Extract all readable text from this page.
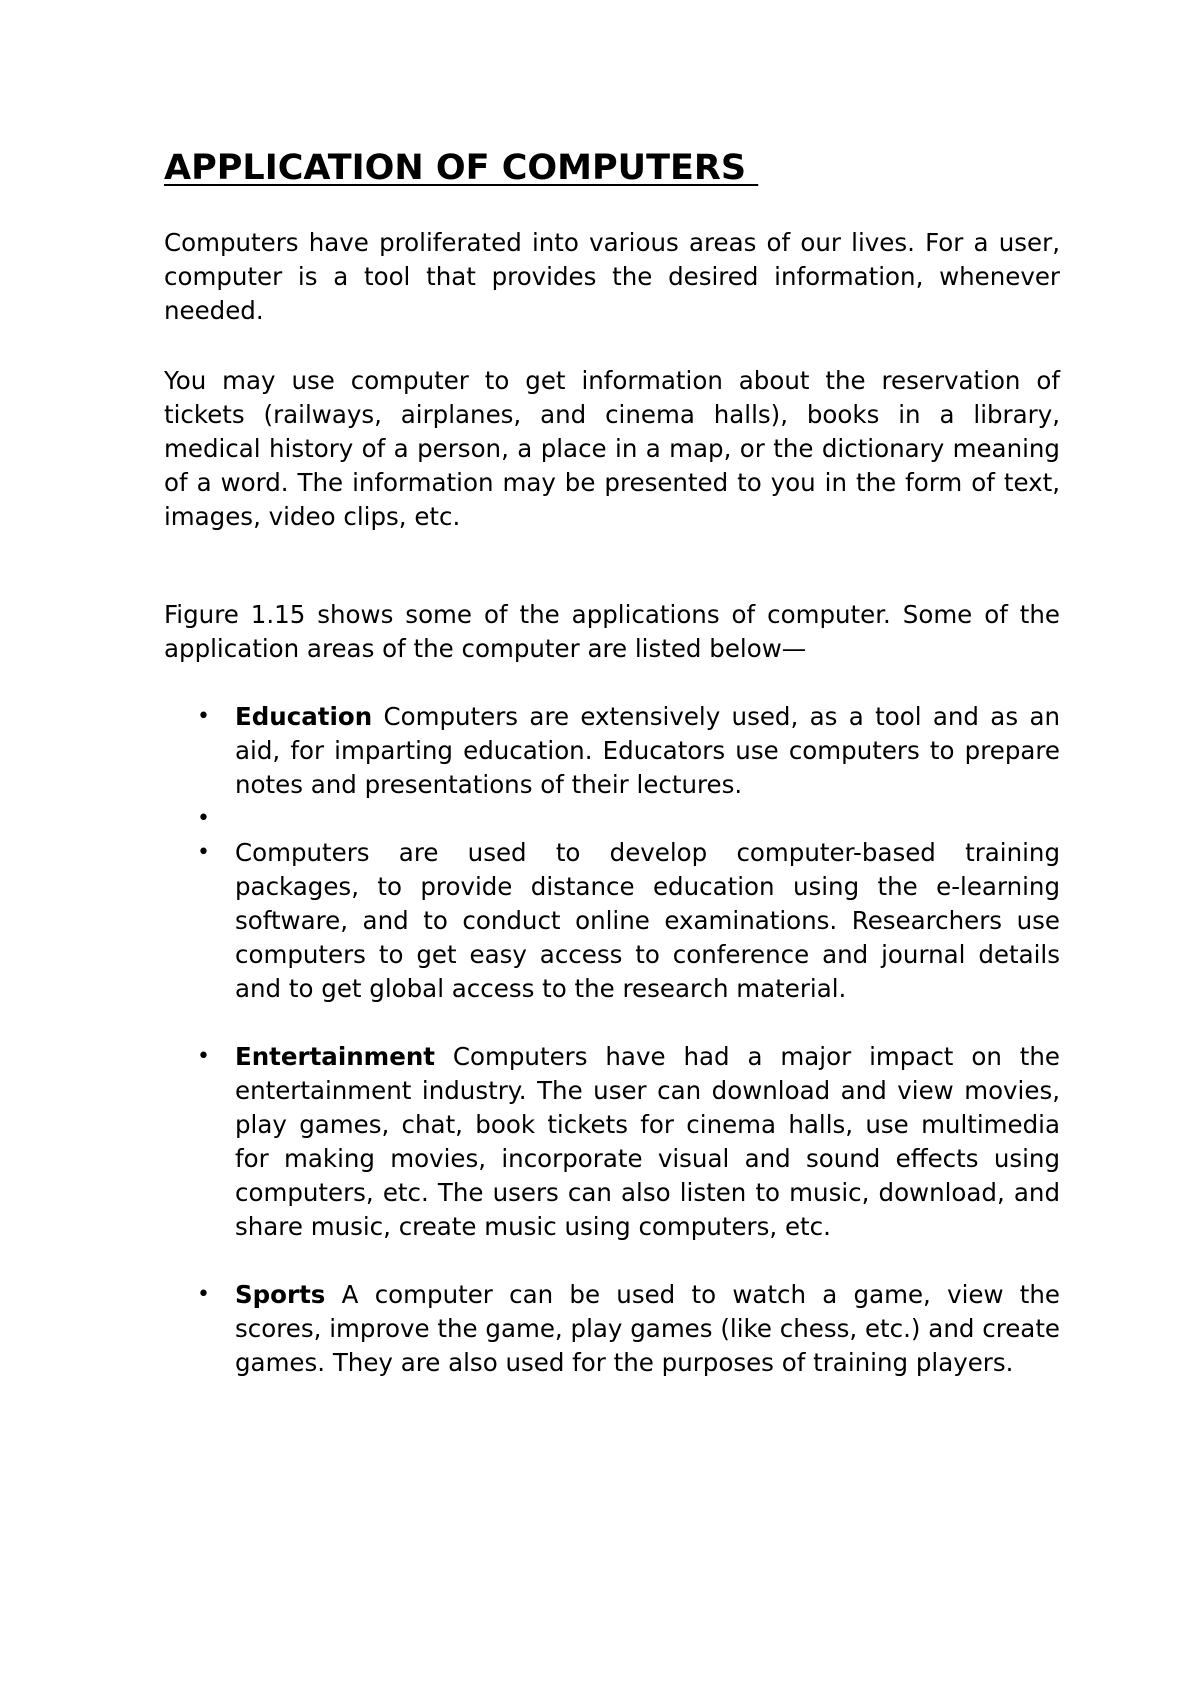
APPLICATION OF COMPUTERS

Computers have proliferated into various areas of our lives. For a user, computer is a tool that provides the desired information, whenever needed.

You may use computer to get information about the reservation of tickets (railways, airplanes, and cinema halls), books in a library, medical history of a person, a place in a map, or the dictionary meaning of a word. The information may be presented to you in the form of text, images, video clips, etc.

Figure 1.15 shows some of the applications of computer. Some of the application areas of the computer are listed below—

• Education Computers are extensively used, as a tool and as an aid, for imparting education. Educators use computers to prepare notes and presentations of their lectures.
•
• Computers are used to develop computer-based training packages, to provide distance education using the e-learning software, and to conduct online examinations. Researchers use computers to get easy access to conference and journal details and to get global access to the research material.
• Entertainment Computers have had a major impact on the entertainment industry. The user can download and view movies, play games, chat, book tickets for cinema halls, use multimedia for making movies, incorporate visual and sound effects using computers, etc. The users can also listen to music, download, and share music, create music using computers, etc.
• Sports A computer can be used to watch a game, view the scores, improve the game, play games (like chess, etc.) and create games. They are also used for the purposes of training players.
